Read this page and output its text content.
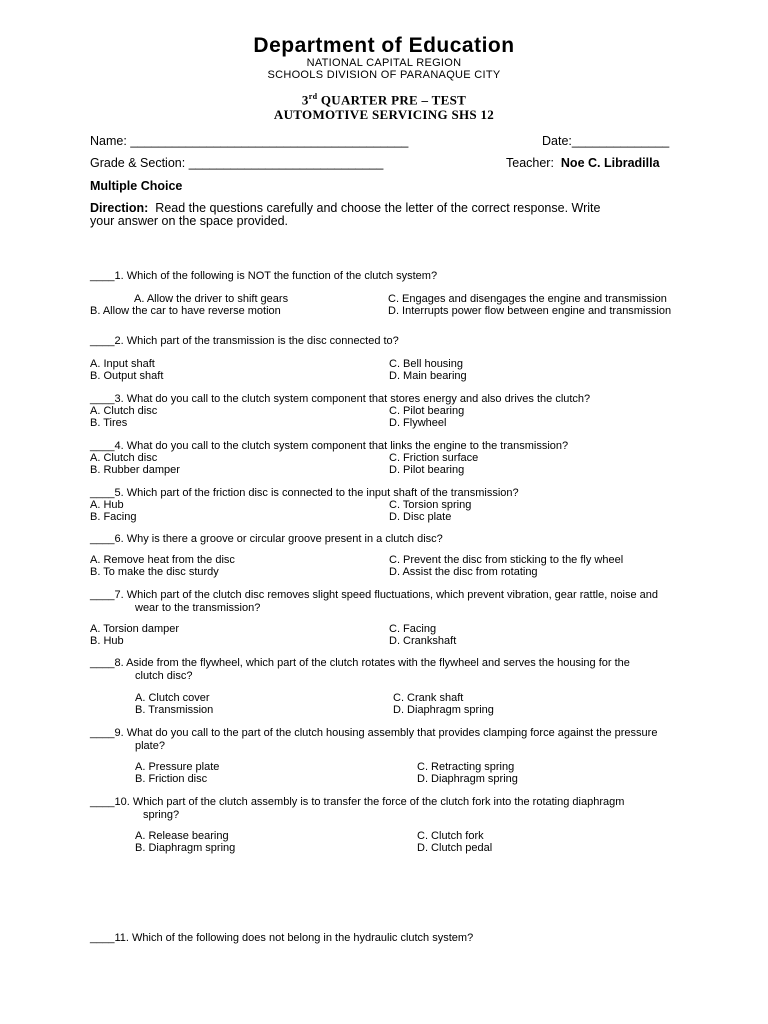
Department of Education
NATIONAL CAPITAL REGION
SCHOOLS DIVISION OF PARANAQUE CITY
3rd QUARTER PRE – TEST
AUTOMOTIVE SERVICING SHS 12
Name: ________________________________________	Date:______________
Grade & Section: ____________________________	Teacher: Noe C. Libradilla
Multiple Choice
Direction: Read the questions carefully and choose the letter of the correct response. Write
your answer on the space provided.
____1. Which of the following is NOT the function of the clutch system?
A. Allow the driver to shift gears
B. Allow the car to have reverse motion
C. Engages and disengages the engine and transmission
D. Interrupts power flow between engine and transmission
____2. Which part of the transmission is the disc connected to?
A. Input shaft
B. Output shaft
C. Bell housing
D. Main bearing
____3. What do you call to the clutch system component that stores energy and also drives the clutch?
A. Clutch disc
B. Tires
C. Pilot bearing
D. Flywheel
____4. What do you call to the clutch system component that links the engine to the transmission?
A. Clutch disc
B. Rubber damper
C. Friction surface
D. Pilot bearing
____5. Which part of the friction disc is connected to the input shaft of the transmission?
A. Hub
B. Facing
C. Torsion spring
D. Disc plate
____6. Why is there a groove or circular groove present in a clutch disc?
A. Remove heat from the disc
B. To make the disc sturdy
C. Prevent the disc from sticking to the fly wheel
D. Assist the disc from rotating
____7. Which part of the clutch disc removes slight speed fluctuations, which prevent vibration, gear rattle, noise and
wear to the transmission?
A. Torsion damper
B. Hub
C. Facing
D. Crankshaft
____8. Aside from the flywheel, which part of the clutch rotates with the flywheel and serves the housing for the
clutch disc?
A. Clutch cover
B. Transmission
C. Crank shaft
D. Diaphragm spring
____9. What do you call to the part of the clutch housing assembly that provides clamping force against the pressure
plate?
A. Pressure plate
B. Friction disc
C. Retracting spring
D. Diaphragm spring
____10. Which part of the clutch assembly is to transfer the force of the clutch fork into the rotating diaphragm
spring?
A. Release bearing
B. Diaphragm spring
C. Clutch fork
D. Clutch pedal
____11. Which of the following does not belong in the hydraulic clutch system?
